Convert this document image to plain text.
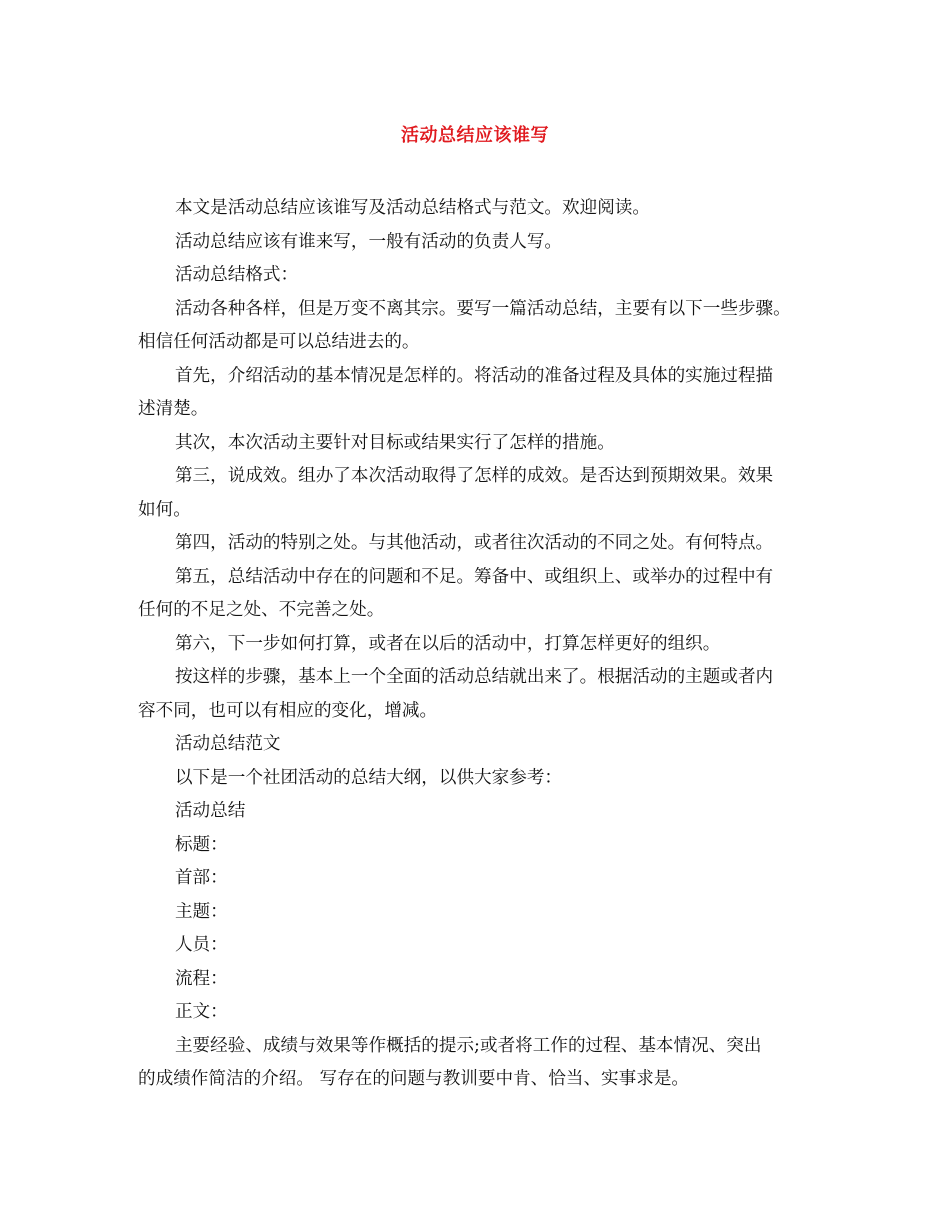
活动总结应该谁写

本文是活动总结应该谁写及活动总结格式与范文。欢迎阅读。

活动总结应该有谁来写，一般有活动的负责人写。

活动总结格式：

活动各种各样，但是万变不离其宗。要写一篇活动总结，主要有以下一些步骤。

相信任何活动都是可以总结进去的。

首先，介绍活动的基本情况是怎样的。将活动的准备过程及具体的实施过程描

述清楚。

其次，本次活动主要针对目标或结果实行了怎样的措施。

第三，说成效。组办了本次活动取得了怎样的成效。是否达到预期效果。效果

如何。

第四，活动的特别之处。与其他活动，或者往次活动的不同之处。有何特点。

第五，总结活动中存在的问题和不足。筹备中、或组织上、或举办的过程中有

任何的不足之处、不完善之处。

第六，下一步如何打算，或者在以后的活动中，打算怎样更好的组织。

按这样的步骤，基本上一个全面的活动总结就出来了。根据活动的主题或者内

容不同，也可以有相应的变化，增减。

活动总结范文

以下是一个社团活动的总结大纲，以供大家参考：

活动总结

标题：

首部：

主题：

人员：

流程：

正文：

主要经验、成绩与效果等作概括的提示;或者将工作的过程、基本情况、突出

的成绩作简洁的介绍。 写存在的问题与教训要中肯、恰当、实事求是。
